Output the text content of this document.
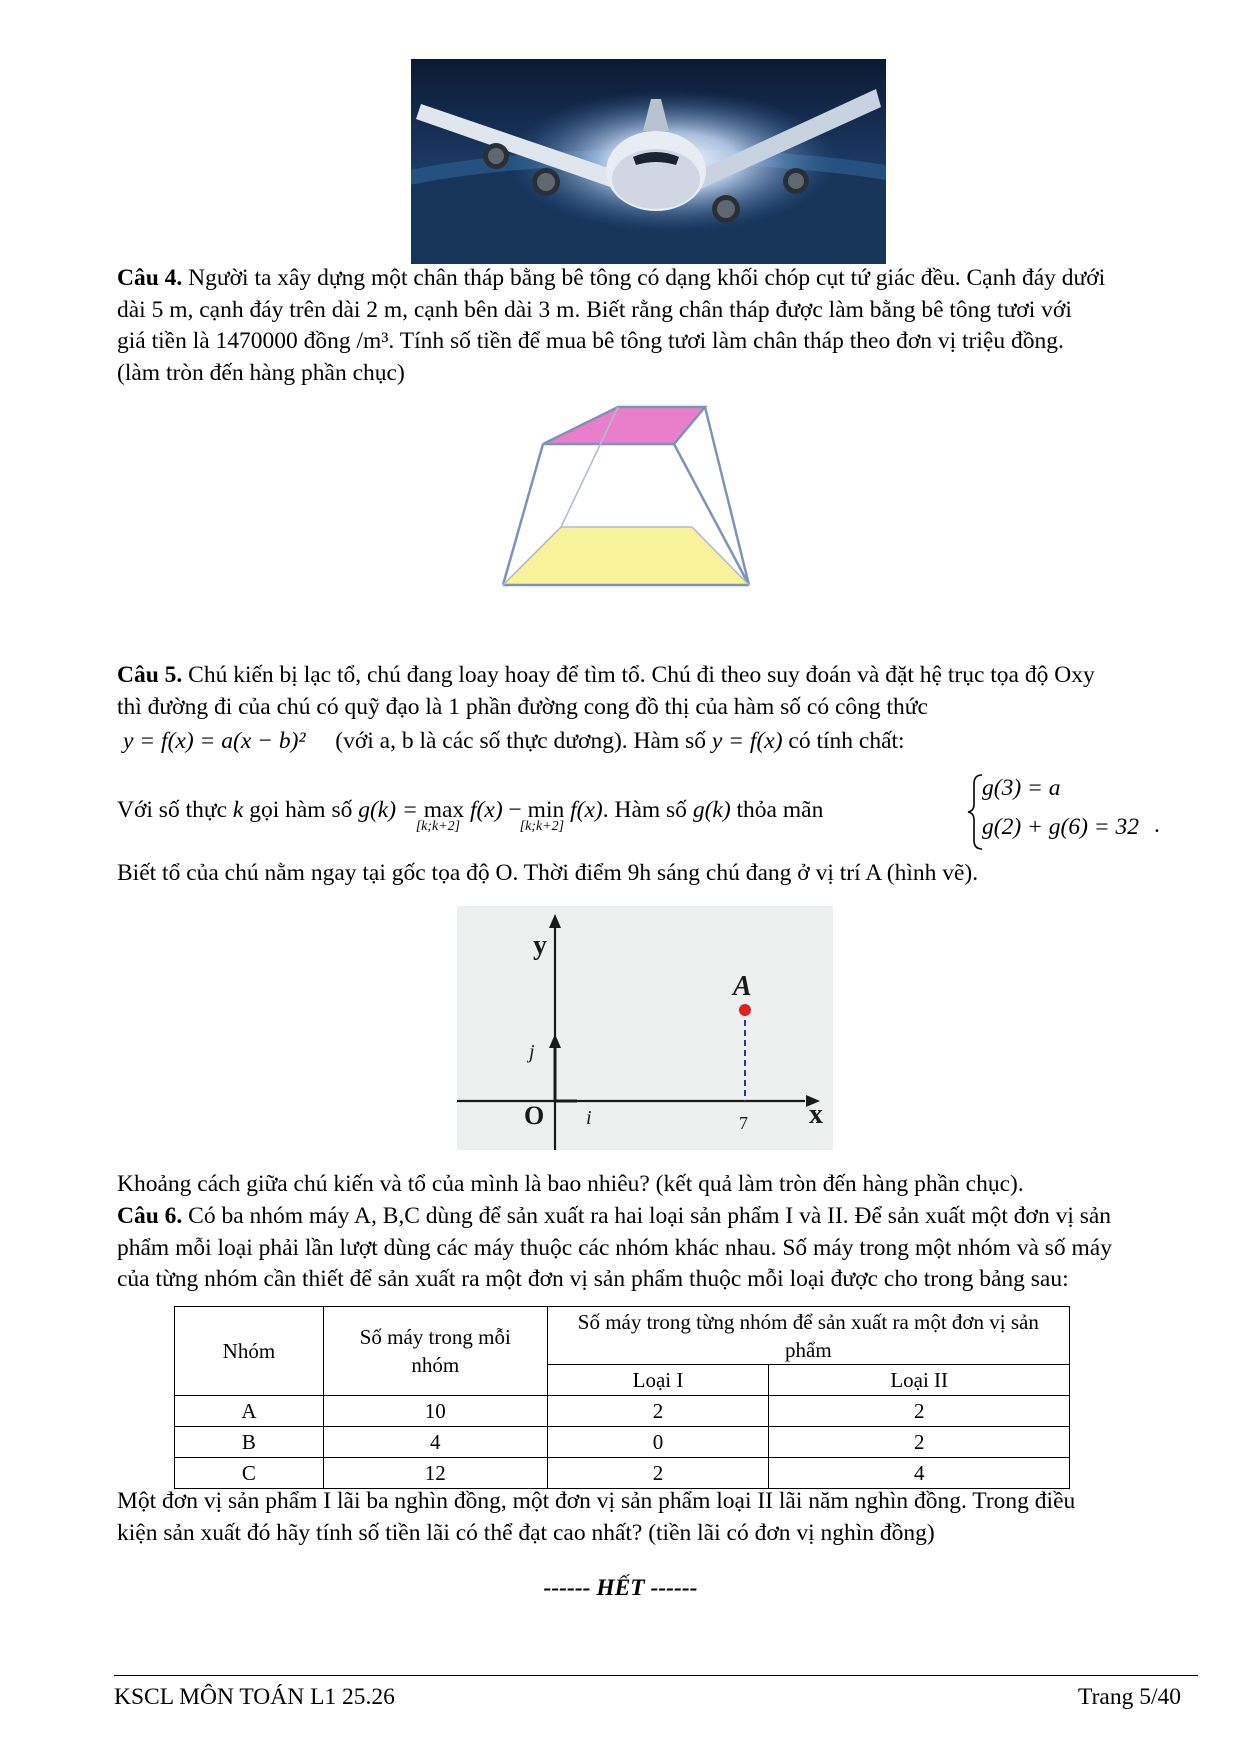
Câu 4. Người ta xây dựng một chân tháp bằng bê tông có dạng khối chóp cụt tứ giác đều. Cạnh đáy dưới
dài 5 m, cạnh đáy trên dài 2 m, cạnh bên dài 3 m. Biết rằng chân tháp được làm bằng bê tông tươi với
giá tiền là 1470000 đồng /m³. Tính số tiền để mua bê tông tươi làm chân tháp theo đơn vị triệu đồng.
(làm tròn đến hàng phần chục)
Câu 5. Chú kiến bị lạc tổ, chú đang loay hoay để tìm tổ. Chú đi theo suy đoán và đặt hệ trục tọa độ Oxy
thì đường đi của chú có quỹ đạo là 1 phần đường cong đồ thị của hàm số có công thức
y = f(x) = a(x − b)² (với a, b là các số thực dương). Hàm số y = f(x) có tính chất:
Với số thực k gọi hàm số g(k) = max
[k;k+2]
f(x) − min
[k;k+2]
f(x). Hàm số g(k) thỏa mãn
g(3) = a
g(2) + g(6) = 32 .
Biết tổ của chú nằm ngay tại gốc tọa độ O. Thời điểm 9h sáng chú đang ở vị trí A (hình vẽ).
y
x
O i
j
A
7
Khoảng cách giữa chú kiến và tổ của mình là bao nhiêu? (kết quả làm tròn đến hàng phần chục).
Câu 6. Có ba nhóm máy A, B,C dùng để sản xuất ra hai loại sản phẩm I và II. Để sản xuất một đơn vị sản
phẩm mỗi loại phải lần lượt dùng các máy thuộc các nhóm khác nhau. Số máy trong một nhóm và số máy
của từng nhóm cần thiết để sản xuất ra một đơn vị sản phẩm thuộc mỗi loại được cho trong bảng sau:
Nhóm	Số máy trong mỗi nhóm	Số máy trong từng nhóm để sản xuất ra một đơn vị sản phẩm	
		Loại I	Loại II
A	10	2	2
B	4	0	2
C	12	2	4
Một đơn vị sản phẩm I lãi ba nghìn đồng, một đơn vị sản phẩm loại II lãi năm nghìn đồng. Trong điều
kiện sản xuất đó hãy tính số tiền lãi có thể đạt cao nhất? (tiền lãi có đơn vị nghìn đồng)
------ HẾT ------
KSCL MÔN TOÁN L1 25.26	Trang 5/40
